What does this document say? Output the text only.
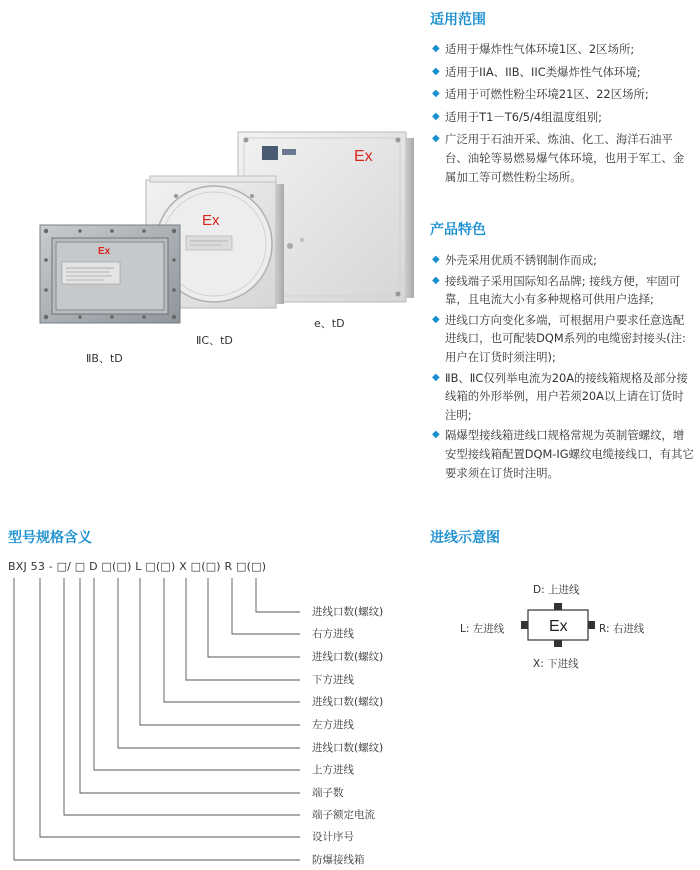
Ex
Ex
Ex
ⅡB、tD
ⅡC、tD
e、tD
适用范围
◆ 适用于爆炸性气体环境1区、2区场所;
◆ 适用于IIA、IIB、IIC类爆炸性气体环境;
◆ 适用于可燃性粉尘环境21区、22区场所;
◆ 适用于T1－T6/5/4组温度组别;
◆ 广泛用于石油开采、炼油、化工、海洋石油平台、油轮等易燃易爆气体环境，也用于军工、金属加工等可燃性粉尘场所。
产品特色
◆ 外壳采用优质不锈钢制作而成;
◆ 接线端子采用国际知名品牌; 接线方便，牢固可靠，且电流大小有多种规格可供用户选择;
◆ 进线口方向变化多端，可根据用户要求任意选配进线口，也可配装DQM系列的电缆密封接头(注: 用户在订货时须注明);
◆ ⅡB、ⅡC仅列举电流为20A的接线箱规格及部分接线箱的外形举例，用户若须20A以上请在订货时注明;
◆ 隔爆型接线箱进线口规格常规为英制管螺纹，增安型接线箱配置DQM-ⅠG螺纹电缆接线口，有其它要求须在订货时注明。
型号规格含义
BXJ 53 - □/ □ D □(□) L □(□) X □(□) R □(□)
进线口数(螺纹)
右方进线
进线口数(螺纹)
下方进线
进线口数(螺纹)
左方进线
进线口数(螺纹)
上方进线
端子数
端子额定电流
设计序号
防爆接线箱
进线示意图
Ex
D: 上进线
L: 左进线	R: 右进线
X: 下进线
